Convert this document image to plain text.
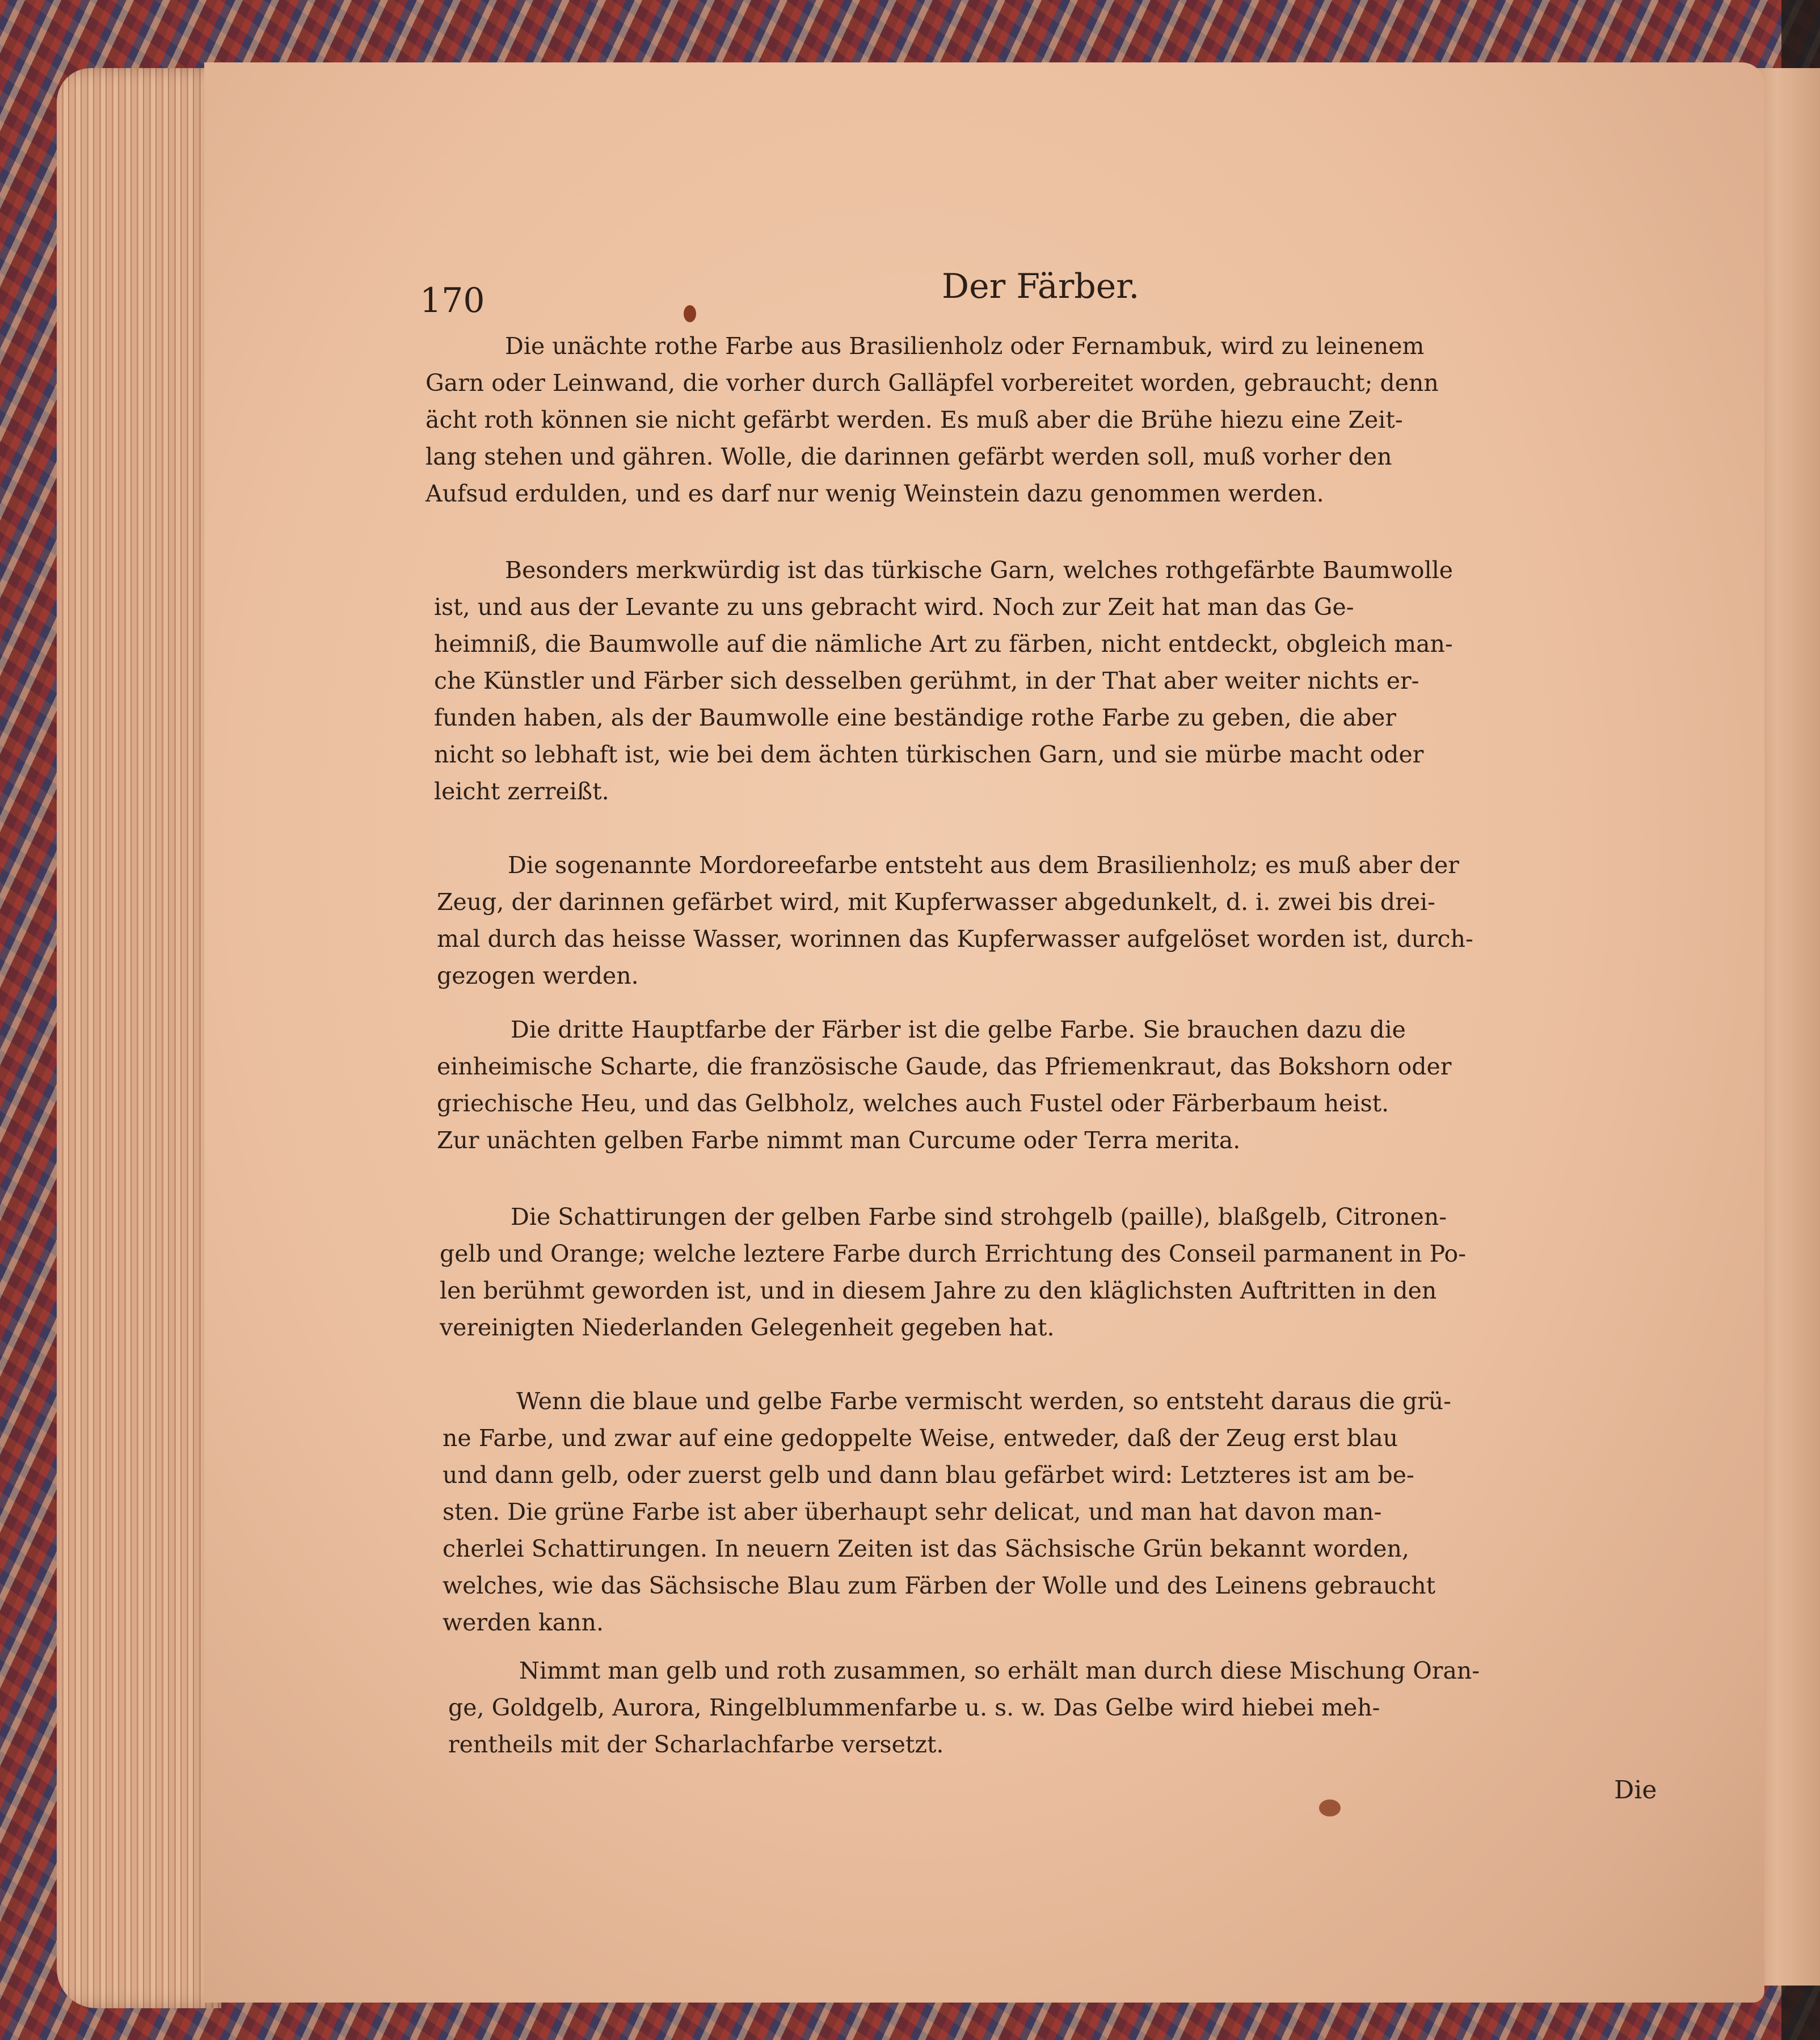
170	Der Färber.

Die unächte rothe Farbe aus Brasilienholz oder Fernambuk, wird zu leinenem

Garn oder Leinwand, die vorher durch Galläpfel vorbereitet worden, gebraucht; denn

ächt roth können sie nicht gefärbt werden. Es muß aber die Brühe hiezu eine Zeit-

lang stehen und gähren. Wolle, die darinnen gefärbt werden soll, muß vorher den

Aufsud erdulden, und es darf nur wenig Weinstein dazu genommen werden.

Besonders merkwürdig ist das türkische Garn, welches rothgefärbte Baumwolle

ist, und aus der Levante zu uns gebracht wird. Noch zur Zeit hat man das Ge-

heimniß, die Baumwolle auf die nämliche Art zu färben, nicht entdeckt, obgleich man-

che Künstler und Färber sich desselben gerühmt, in der That aber weiter nichts er-

funden haben, als der Baumwolle eine beständige rothe Farbe zu geben, die aber

nicht so lebhaft ist, wie bei dem ächten türkischen Garn, und sie mürbe macht oder

leicht zerreißt.

Die sogenannte Mordoreefarbe entsteht aus dem Brasilienholz; es muß aber der

Zeug, der darinnen gefärbet wird, mit Kupferwasser abgedunkelt, d. i. zwei bis drei-

mal durch das heisse Wasser, worinnen das Kupferwasser aufgelöset worden ist, durch-

gezogen werden.

Die dritte Hauptfarbe der Färber ist die gelbe Farbe. Sie brauchen dazu die

einheimische Scharte, die französische Gaude, das Pfriemenkraut, das Bokshorn oder

griechische Heu, und das Gelbholz, welches auch Fustel oder Färberbaum heist.

Zur unächten gelben Farbe nimmt man Curcume oder Terra merita.

Die Schattirungen der gelben Farbe sind strohgelb (paille), blaßgelb, Citronen-

gelb und Orange; welche leztere Farbe durch Errichtung des Conseil parmanent in Po-

len berühmt geworden ist, und in diesem Jahre zu den kläglichsten Auftritten in den

vereinigten Niederlanden Gelegenheit gegeben hat.

Wenn die blaue und gelbe Farbe vermischt werden, so entsteht daraus die grü-

ne Farbe, und zwar auf eine gedoppelte Weise, entweder, daß der Zeug erst blau

und dann gelb, oder zuerst gelb und dann blau gefärbet wird: Letzteres ist am be-

sten. Die grüne Farbe ist aber überhaupt sehr delicat, und man hat davon man-

cherlei Schattirungen. In neuern Zeiten ist das Sächsische Grün bekannt worden,

welches, wie das Sächsische Blau zum Färben der Wolle und des Leinens gebraucht

werden kann.

Nimmt man gelb und roth zusammen, so erhält man durch diese Mischung Oran-

ge, Goldgelb, Aurora, Ringelblummenfarbe u. s. w. Das Gelbe wird hiebei meh-

rentheils mit der Scharlachfarbe versetzt.

Die
